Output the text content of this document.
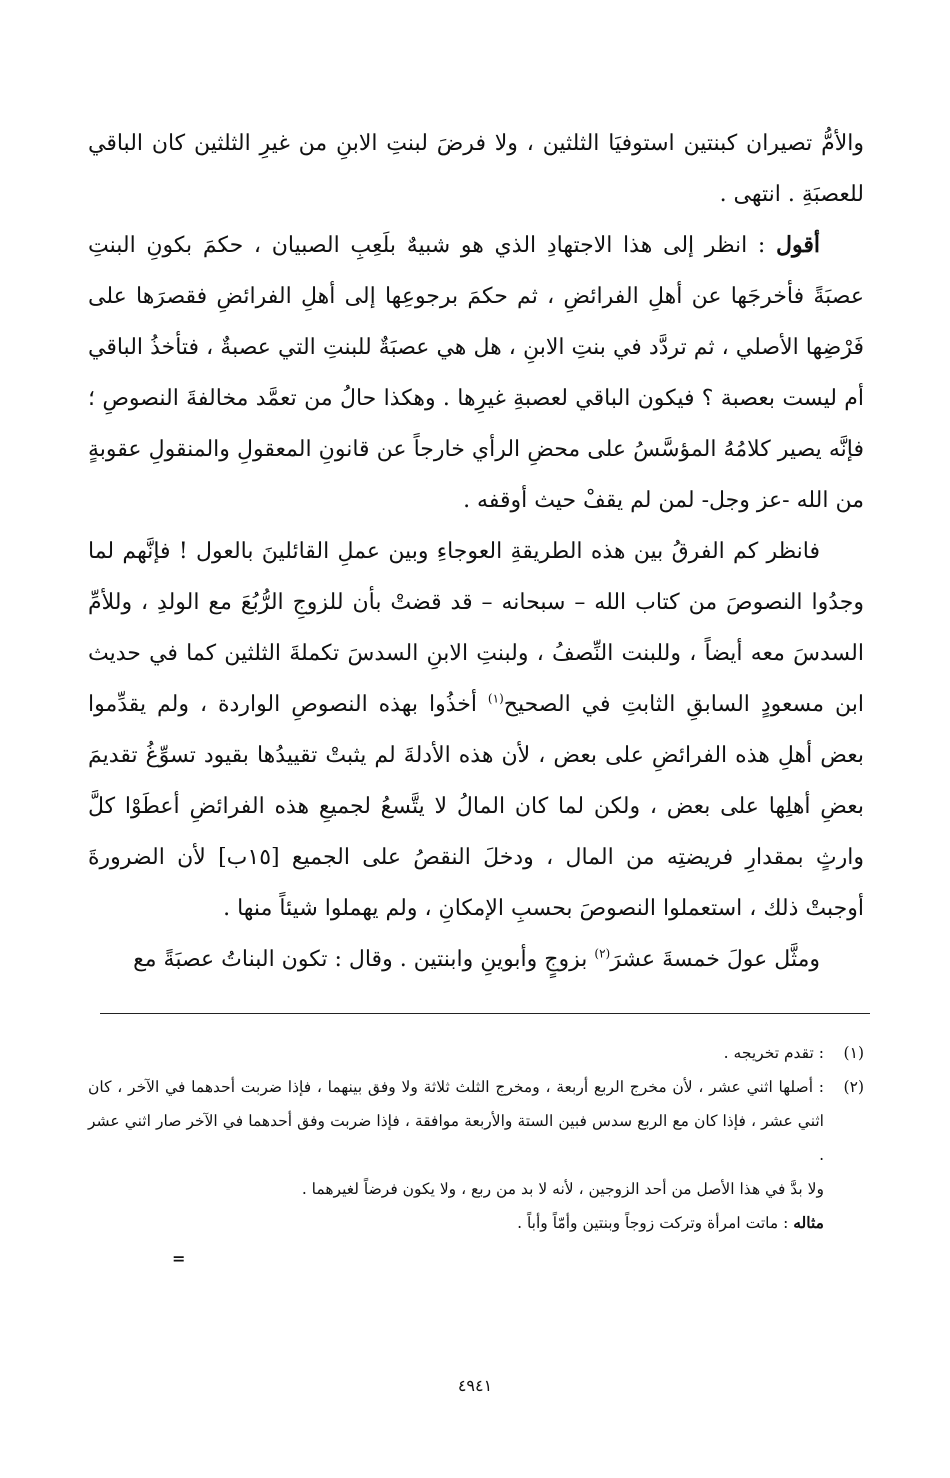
والأمُّ تصيران كبنتين استوفيَا الثلثين ، ولا فرضَ لبنتِ الابنِ من غيرِ الثلثين كان الباقي للعصبَةِ . انتهى .

أقول : انظر إلى هذا الاجتهادِ الذي هو شبيهٌ بلَعِبِ الصبيان ، حكمَ بكونِ البنتِ عصبَةً فأخرجَها عن أهلِ الفرائضِ ، ثم حكمَ برجوعِها إلى أهلِ الفرائضِ فقصرَها على فَرْضِها الأصلي ، ثم تردَّد في بنتِ الابنِ ، هل هي عصبَةٌ للبنتِ التي عصبةٌ ، فتأخذُ الباقي أم ليست بعصبة ؟ فيكون الباقي لعصبةِ غيرِها . وهكذا حالُ من تعمَّد مخالفةَ النصوصِ ؛ فإنَّه يصير كلامُهُ المؤسَّسُ على محضِ الرأي خارجاً عن قانونِ المعقولِ والمنقولِ عقوبةٍ من الله -عز وجل- لمن لم يقفْ حيث أوقفه .

فانظر كم الفرقُ بين هذه الطريقةِ العوجاءِ وبين عملِ القائلينَ بالعول ! فإنَّهم لما وجدُوا النصوصَ من كتاب الله – سبحانه – قد قضتْ بأن للزوجِ الرُّبُعَ مع الولدِ ، وللأمِّ السدسَ معه أيضاً ، وللبنت النِّصفُ ، ولبنتِ الابنِ السدسَ تكملةَ الثلثين كما في حديث ابن مسعودٍ السابقِ الثابتِ في الصحيح$^{(١)}$ أخذُوا بهذه النصوصِ الواردة ، ولم يقدِّموا بعض أهلِ هذه الفرائضِ على بعض ، لأن هذه الأدلةَ لم يثبتْ تقييدُها بقيود تسوِّغُ تقديمَ بعضِ أهلِها على بعض ، ولكن لما كان المالُ لا يتَّسعُ لجميعِ هذه الفرائضِ أعطَوْا كلَّ وارثٍ بمقدارِ فريضتِه من المال ، ودخلَ النقصُ على الجميع [١٥ب] لأن الضرورةَ أوجبتْ ذلك ، استعملوا النصوصَ بحسبِ الإمكانِ ، ولم يهملوا شيئاً منها .

ومثَّل عولَ خمسةَ عشرَ$^{(٢)}$ بزوجٍ وأبوينِ وابنتين . وقال : تكون البناتُ عصبَةً مع

(١): تقدم تخريجه .

(٢): أصلها اثني عشر ، لأن مخرج الربع أربعة ، ومخرج الثلث ثلاثة ولا وفق بينهما ، فإذا ضربت أحدهما في الآخر ، كان اثني عشر ، فإذا كان مع الربع سدس فبين الستة والأربعة موافقة ، فإذا ضربت وفق أحدهما في الآخر صار اثني عشر .

ولا بدَّ في هذا الأصل من أحد الزوجين ، لأنه لا بد من ربع ، ولا يكون فرضاً لغيرهما .

مثاله : ماتت امرأة وتركت زوجاً وبنتين وأمّاً وأباً .

=
٤٩٤١
